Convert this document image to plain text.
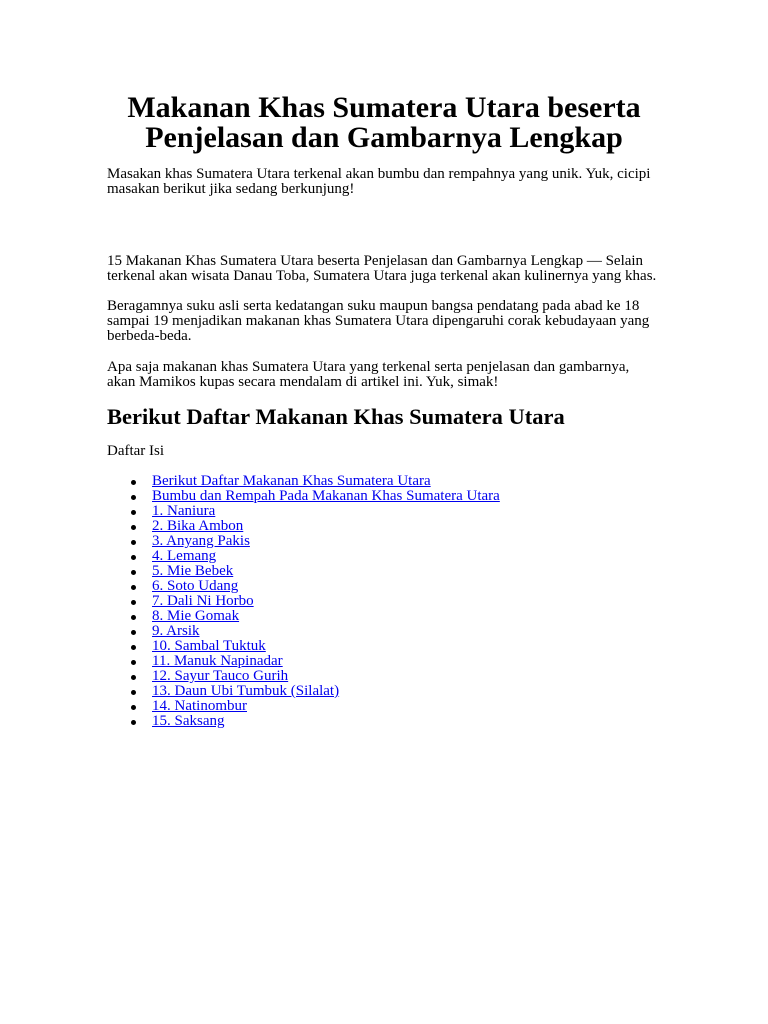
Makanan Khas Sumatera Utara beserta
Penjelasan dan Gambarnya Lengkap

Masakan khas Sumatera Utara terkenal akan bumbu dan rempahnya yang unik. Yuk, cicipi
masakan berikut jika sedang berkunjung!

15 Makanan Khas Sumatera Utara beserta Penjelasan dan Gambarnya Lengkap — Selain
terkenal akan wisata Danau Toba, Sumatera Utara juga terkenal akan kulinernya yang khas.

Beragamnya suku asli serta kedatangan suku maupun bangsa pendatang pada abad ke 18
sampai 19 menjadikan makanan khas Sumatera Utara dipengaruhi corak kebudayaan yang
berbeda-beda.

Apa saja makanan khas Sumatera Utara yang terkenal serta penjelasan dan gambarnya,
akan Mamikos kupas secara mendalam di artikel ini. Yuk, simak!

Berikut Daftar Makanan Khas Sumatera Utara
Daftar Isi
Berikut Daftar Makanan Khas Sumatera Utara
Bumbu dan Rempah Pada Makanan Khas Sumatera Utara
1. Naniura
2. Bika Ambon
3. Anyang Pakis
4. Lemang
5. Mie Bebek
6. Soto Udang
7. Dali Ni Horbo
8. Mie Gomak
9. Arsik
10. Sambal Tuktuk
11. Manuk Napinadar
12. Sayur Tauco Gurih
13. Daun Ubi Tumbuk (Silalat)
14. Natinombur
15. Saksang
